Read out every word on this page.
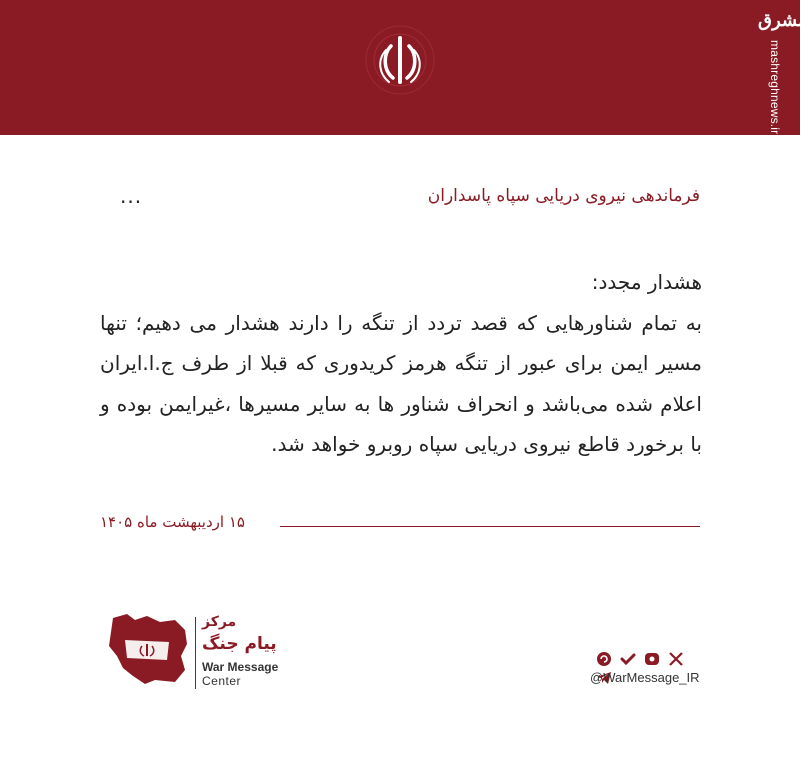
مشرق
mashreghnews.ir
فرماندهی نیروی دریایی سپاه پاسداران
...

هشدار مجدد:

به تمام شناورهایی که قصد تردد از تنگه را دارند هشدار می دهیم؛ تنها مسیر ایمن برای عبور از تنگه هرمز کریدوری که قبلا از طرف ج.ا.ایران اعلام شده می‌باشد و انحراف شناور ها به سایر مسیرها ،غیرایمن بوده و با برخورد قاطع نیروی دریایی سپاه روبرو خواهد شد.

۱۵ اردیبهشت ماه ۱۴۰۵
مرکز
پیام جنگ
War Message
Center
	@WarMessage_IR
